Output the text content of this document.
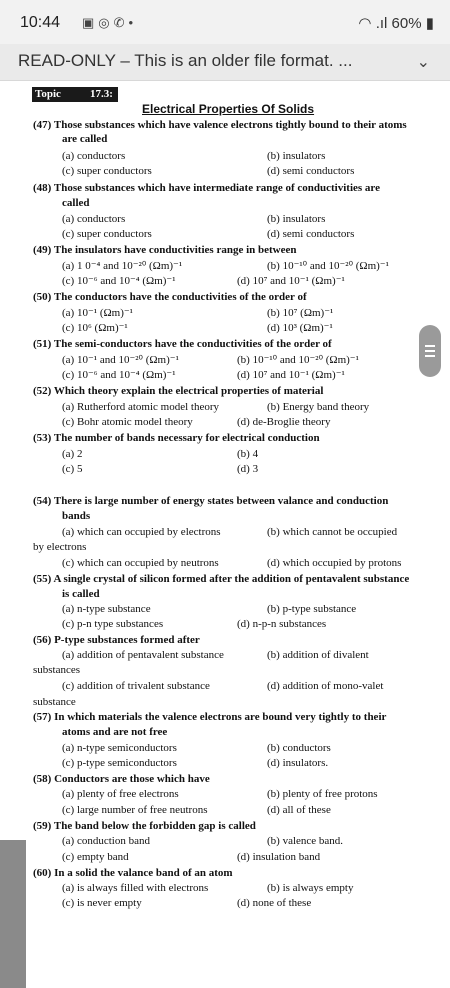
10:44 ▣◎✆•	◠ .ıl 60% ▮
READ-ONLY – This is an older file format. ...	⌄
Topic	17.3:
Electrical Properties Of Solids
(47) Those substances which have valence electrons tightly bound to their atoms
are called
(a) conductors	(b) insulators
(c) super conductors	(d) semi conductors
(48) Those substances which have intermediate range of conductivities are
called
(a) conductors	(b) insulators
(c) super conductors	(d) semi conductors
(49) The insulators have conductivities range in between
(a) 1 0⁻⁴ and 10⁻²⁰ (Ωm)⁻¹	(b) 10⁻¹⁰ and 10⁻²⁰ (Ωm)⁻¹
(c) 10⁻⁶ and 10⁻⁴ (Ωm)⁻¹	(d) 10⁷ and 10⁻¹ (Ωm)⁻¹
(50) The conductors have the conductivities of the order of
(a) 10⁻¹ (Ωm)⁻¹	(b) 10⁷ (Ωm)⁻¹
(c) 10⁶ (Ωm)⁻¹	(d) 10³ (Ωm)⁻¹
(51) The semi-conductors have the conductivities of the order of
(a) 10⁻¹ and 10⁻²⁰ (Ωm)⁻¹	(b) 10⁻¹⁰ and 10⁻²⁰ (Ωm)⁻¹
(c) 10⁻⁶ and 10⁻⁴ (Ωm)⁻¹	(d) 10⁷ and 10⁻¹ (Ωm)⁻¹
(52) Which theory explain the electrical properties of material
(a) Rutherford atomic model theory	(b) Energy band theory
(c) Bohr atomic model theory	(d) de-Broglie theory
(53) The number of bands necessary for electrical conduction
(a) 2	(b) 4
(c) 5	(d) 3
(54) There is large number of energy states between valance and conduction
bands
(a) which can occupied by electrons	(b) which cannot be occupied
by electrons
(c) which can occupied by neutrons	(d) which occupied by protons
(55) A single crystal of silicon formed after the addition of pentavalent substance
is called
(a) n-type substance	(b) p-type substance
(c) p-n type substances	(d) n-p-n substances
(56) P-type substances formed after
(a) addition of pentavalent substance	(b) addition of divalent
substances
(c) addition of trivalent substance	(d) addition of mono-valet
substance
(57) In which materials the valence electrons are bound very tightly to their
atoms and are not free
(a) n-type semiconductors	(b) conductors
(c) p-type semiconductors	(d) insulators.
(58) Conductors are those which have
(a) plenty of free electrons	(b) plenty of free protons
(c) large number of free neutrons	(d) all of these
(59) The band below the forbidden gap is called
(a) conduction band	(b) valence band.
(c) empty band	(d) insulation band
(60) In a solid the valance band of an atom
(a) is always filled with electrons	(b) is always empty
(c) is never empty	(d) none of these
